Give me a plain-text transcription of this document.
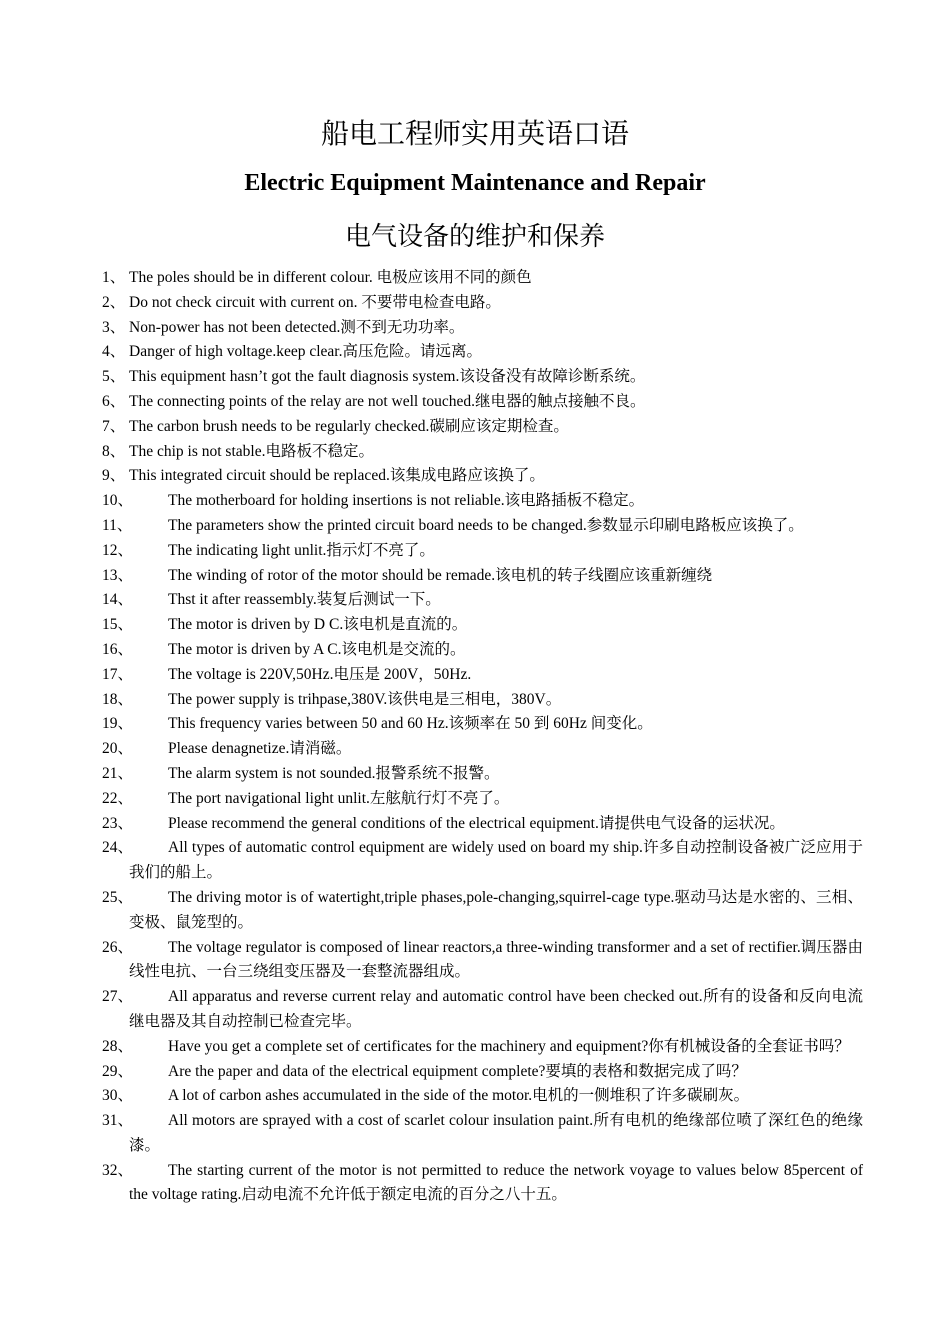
船电工程师实用英语口语
Electric Equipment Maintenance and Repair
电气设备的维护和保养
1、 The poles should be in different colour. 电极应该用不同的颜色
2、 Do not check circuit with current on. 不要带电检查电路。
3、 Non-power has not been detected.测不到无功功率。
4、 Danger of high voltage.keep clear.高压危险。请远离。
5、 This equipment hasn’t got the fault diagnosis system.该设备没有故障诊断系统。
6、 The connecting points of the relay are not well touched.继电器的触点接触不良。
7、 The carbon brush needs to be regularly checked.碳刷应该定期检查。
8、 The chip is not stable.电路板不稳定。
9、 This integrated circuit should be replaced.该集成电路应该换了。
10、	The motherboard for holding insertions is not reliable.该电路插板不稳定。
11、	The parameters show the printed circuit board needs to be changed.参数显示印刷电路板应该换了。
12、	The indicating light unlit.指示灯不亮了。
13、	The winding of rotor of the motor should be remade.该电机的转子线圈应该重新缠绕
14、	Thst it after reassembly.装复后测试一下。
15、	The motor is driven by D C.该电机是直流的。
16、	The motor is driven by A C.该电机是交流的。
17、	The voltage is 220V,50Hz.电压是 200V，50Hz.
18、	The power supply is trihpase,380V.该供电是三相电，380V。
19、	This frequency varies between 50 and 60 Hz.该频率在 50 到 60Hz 间变化。
20、	Please denagnetize.请消磁。
21、	The alarm system is not sounded.报警系统不报警。
22、	The port navigational light unlit.左舷航行灯不亮了。
23、	Please recommend the general conditions of the electrical equipment.请提供电气设备的运状况。
24、	All types of automatic control equipment are widely used on board my ship.许多自动控制设备被广泛应用于我们的船上。
25、	The driving motor is of watertight,triple phases,pole-changing,squirrel-cage type.驱动马达是水密的、三相、变极、鼠笼型的。
26、	The voltage regulator is composed of linear reactors,a three-winding transformer and a set of rectifier.调压器由线性电抗、一台三绕组变压器及一套整流器组成。
27、	All apparatus and reverse current relay and automatic control have been checked out.所有的设备和反向电流继电器及其自动控制已检查完毕。
28、	Have you get a complete set of certificates for the machinery and equipment?你有机械设备的全套证书吗？
29、	Are the paper and data of the electrical equipment complete?要填的表格和数据完成了吗？
30、	A lot of carbon ashes accumulated in the side of the motor.电机的一侧堆积了许多碳刷灰。
31、	All motors are sprayed with a cost of scarlet colour insulation paint.所有电机的绝缘部位喷了深红色的绝缘漆。
32、	The starting current of the motor is not permitted to reduce the network voyage to values below 85percent of the voltage rating.启动电流不允许低于额定电流的百分之八十五。
